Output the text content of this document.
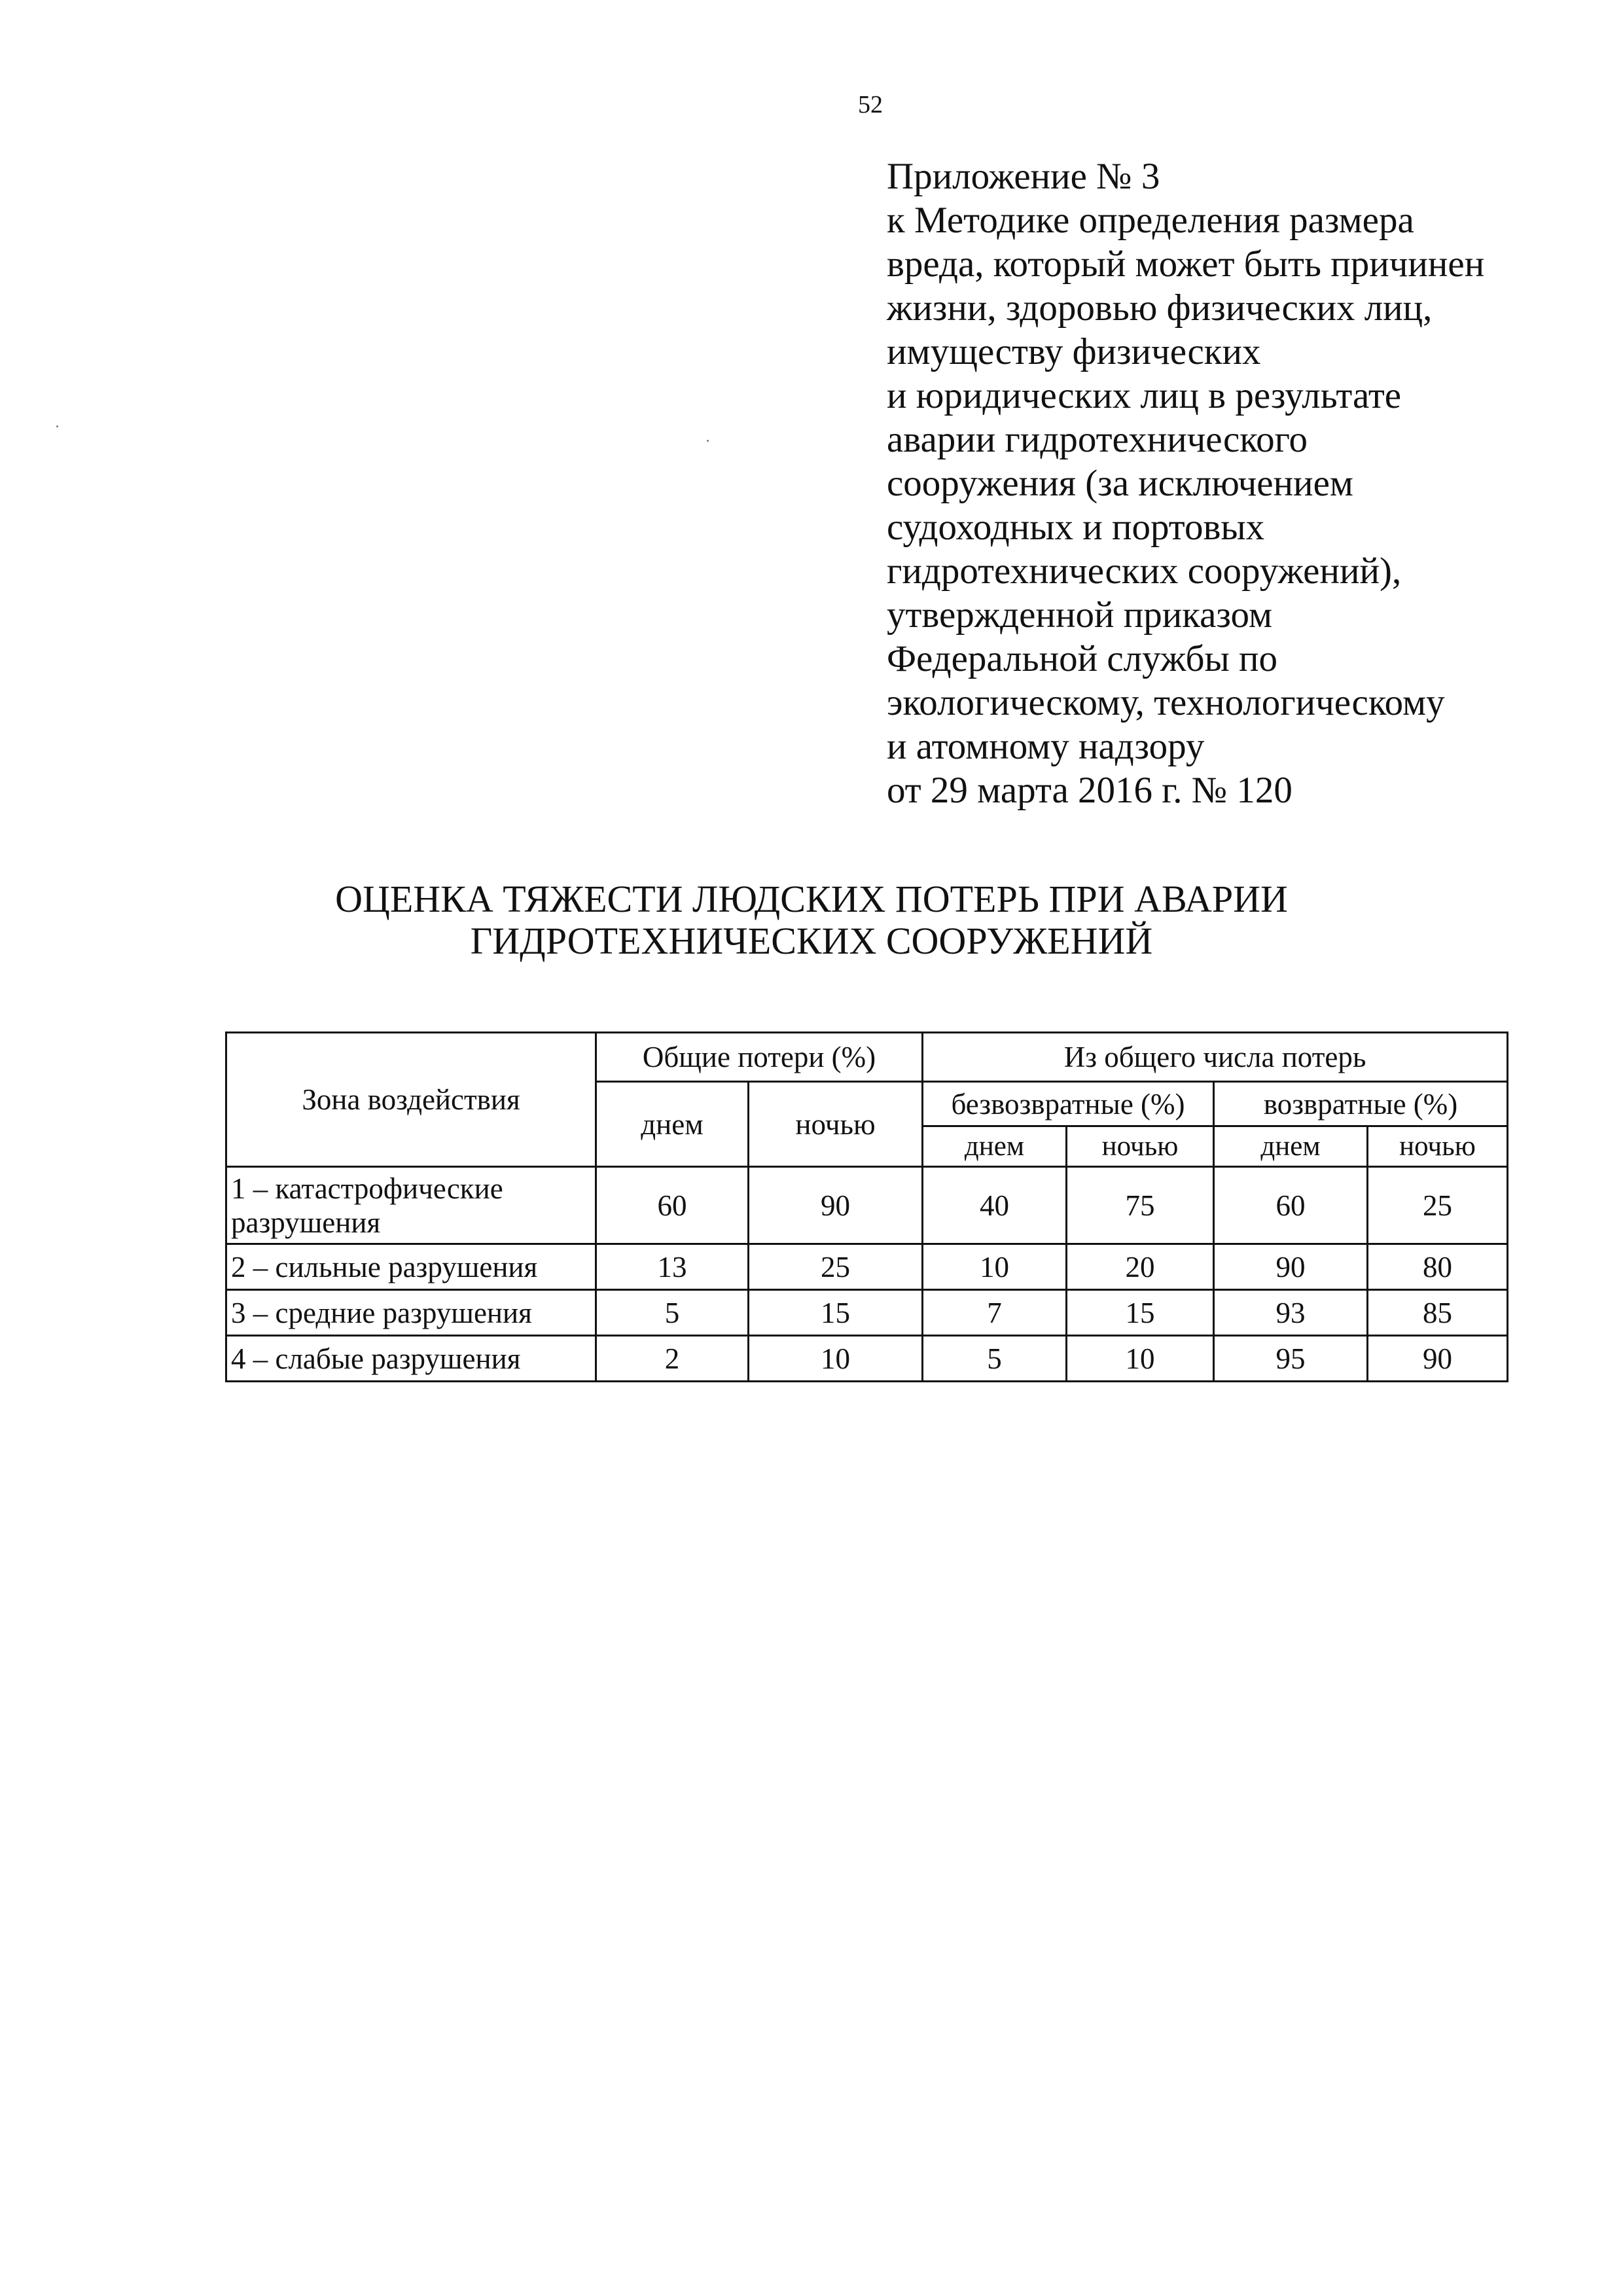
52
Приложение № 3
к Методике определения размера
вреда, который может быть причинен
жизни, здоровью физических лиц,
имуществу физических
и юридических лиц в результате
аварии гидротехнического
сооружения (за исключением
судоходных и портовых
гидротехнических сооружений),
утвержденной приказом
Федеральной службы по
экологическому, технологическому
и атомному надзору
от 29 марта 2016 г. № 120
ОЦЕНКА ТЯЖЕСТИ ЛЮДСКИХ ПОТЕРЬ ПРИ АВАРИИ
ГИДРОТЕХНИЧЕСКИХ СООРУЖЕНИЙ
Зона воздействия	Общие потери (%)		Из общего числа потерь			
	днем	ночью	безвозвратные (%)		возвратные (%)	
			днем	ночью	днем	ночью
1 – катастрофические разрушения	60	90	40	75	60	25
2 – сильные разрушения	13	25	10	20	90	80
3 – средние разрушения	5	15	7	15	93	85
4 – слабые разрушения	2	10	5	10	95	90
